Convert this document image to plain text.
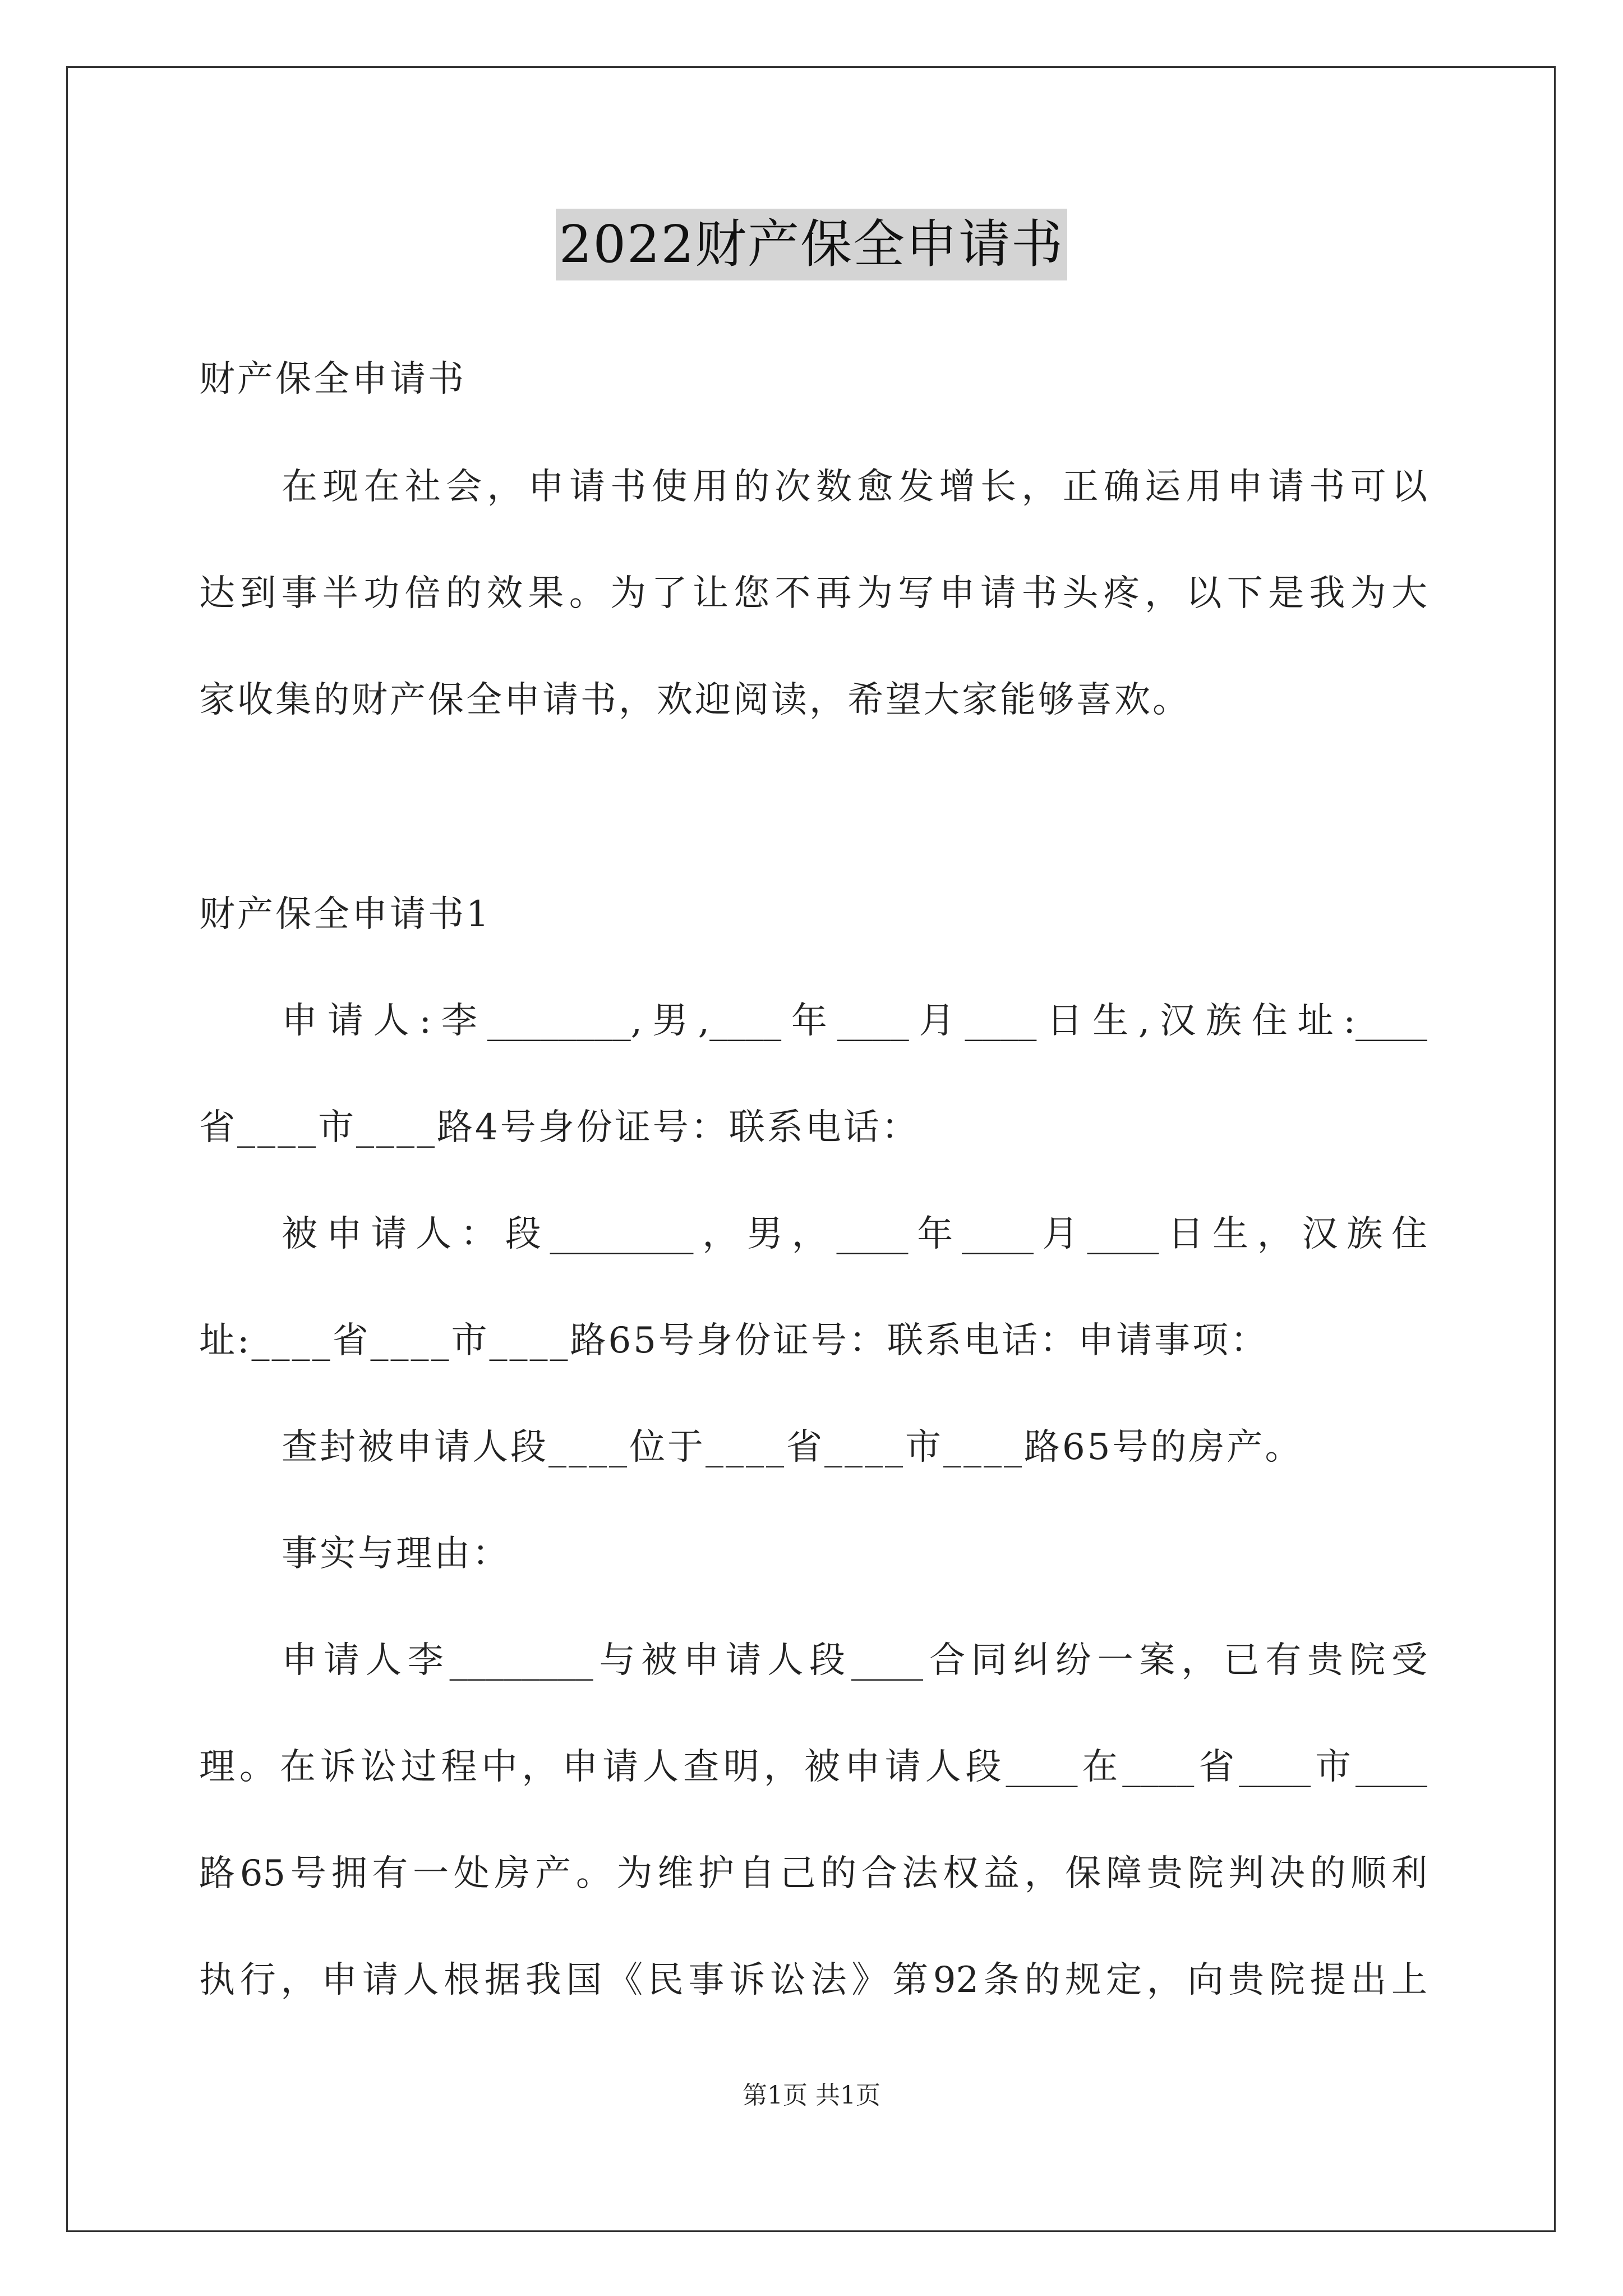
2022财产保全申请书
财产保全申请书
在现在社会，申请书使用的次数愈发增长，正确运用申请书可以
达到事半功倍的效果。为了让您不再为写申请书头疼，以下是我为大
家收集的财产保全申请书，欢迎阅读，希望大家能够喜欢。
财产保全申请书1
申请人:李________,男,____年____月____日生,汉族住址:____
省____市____路4号身份证号：联系电话：
被申请人：段________，男，____年____月____日生，汉族住
址:____省____市____路65号身份证号：联系电话：申请事项：
查封被申请人段____位于____省____市____路65号的房产。
事实与理由：
申请人李________与被申请人段____合同纠纷一案，已有贵院受
理。在诉讼过程中，申请人查明，被申请人段____在____省____市____
路65号拥有一处房产。为维护自己的合法权益，保障贵院判决的顺利
执行，申请人根据我国《民事诉讼法》第92条的规定，向贵院提出上
第1页 共1页
